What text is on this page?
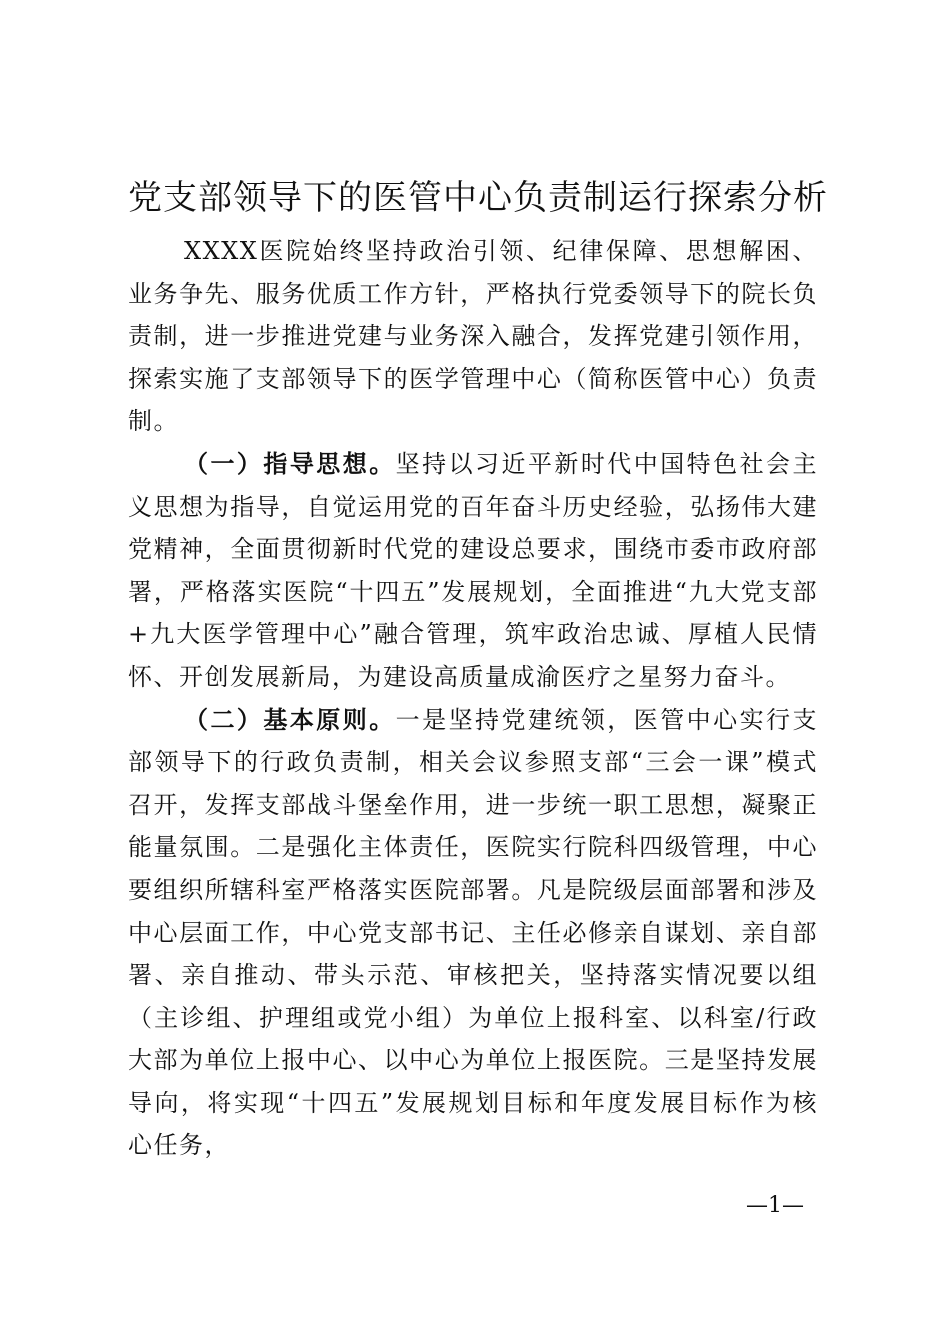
党支部领导下的医管中心负责制运行探索分析

XXXX医院始终坚持政治引领、纪律保障、思想解困、业务争先、服务优质工作方针，严格执行党委领导下的院长负责制，进一步推进党建与业务深入融合，发挥党建引领作用，探索实施了支部领导下的医学管理中心（简称医管中心）负责制。

（一）指导思想。坚持以习近平新时代中国特色社会主义思想为指导，自觉运用党的百年奋斗历史经验，弘扬伟大建党精神，全面贯彻新时代党的建设总要求，围绕市委市政府部署，严格落实医院“十四五”发展规划，全面推进“九大党支部+九大医学管理中心”融合管理，筑牢政治忠诚、厚植人民情怀、开创发展新局，为建设高质量成渝医疗之星努力奋斗。

（二）基本原则。一是坚持党建统领，医管中心实行支部领导下的行政负责制，相关会议参照支部“三会一课”模式召开，发挥支部战斗堡垒作用，进一步统一职工思想，凝聚正能量氛围。二是强化主体责任，医院实行院科四级管理，中心要组织所辖科室严格落实医院部署。凡是院级层面部署和涉及中心层面工作，中心党支部书记、主任必修亲自谋划、亲自部署、亲自推动、带头示范、审核把关，坚持落实情况要以组（主诊组、护理组或党小组）为单位上报科室、以科室/行政大部为单位上报中心、以中心为单位上报医院。三是坚持发展导向，将实现“十四五”发展规划目标和年度发展目标作为核心任务，

—1—
